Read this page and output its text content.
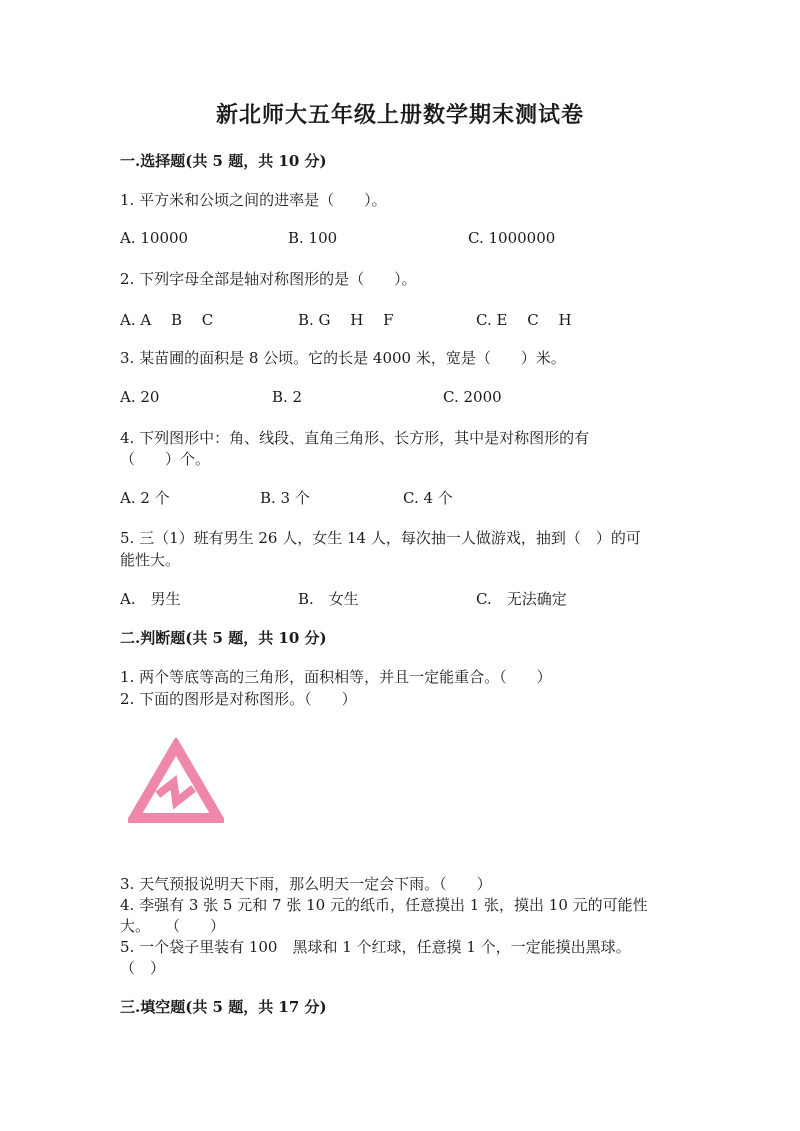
新北师大五年级上册数学期末测试卷
一.选择题(共 5 题，共 10 分)
1. 平方米和公顷之间的进率是（　　）。
A. 10000	B. 100	C. 1000000
2. 下列字母全部是轴对称图形的是（　　）。
A. A　 B　 C	B. G　 H　 F	C. E　 C　 H
3. 某苗圃的面积是 8 公顷。它的长是 4000 米，宽是（　　）米。
A. 20	B. 2	C. 2000
4. 下列图形中：角、线段、直角三角形、长方形，其中是对称图形的有
（　　）个。
A. 2 个	B. 3 个	C. 4 个
5. 三（1）班有男生 26 人，女生 14 人，每次抽一人做游戏，抽到（　）的可
能性大。
A.　男生	B.　女生	C.　无法确定
二.判断题(共 5 题，共 10 分)
1. 两个等底等高的三角形，面积相等，并且一定能重合。（　　）
2. 下面的图形是对称图形。（　　）
3. 天气预报说明天下雨，那么明天一定会下雨。（　　）
4. 李强有 3 张 5 元和 7 张 10 元的纸币，任意摸出 1 张，摸出 10 元的可能性
大。　　（　　）
5. 一个袋子里装有 100　黑球和 1 个红球，任意摸 1 个，一定能摸出黑球。
（　）
三.填空题(共 5 题，共 17 分)
